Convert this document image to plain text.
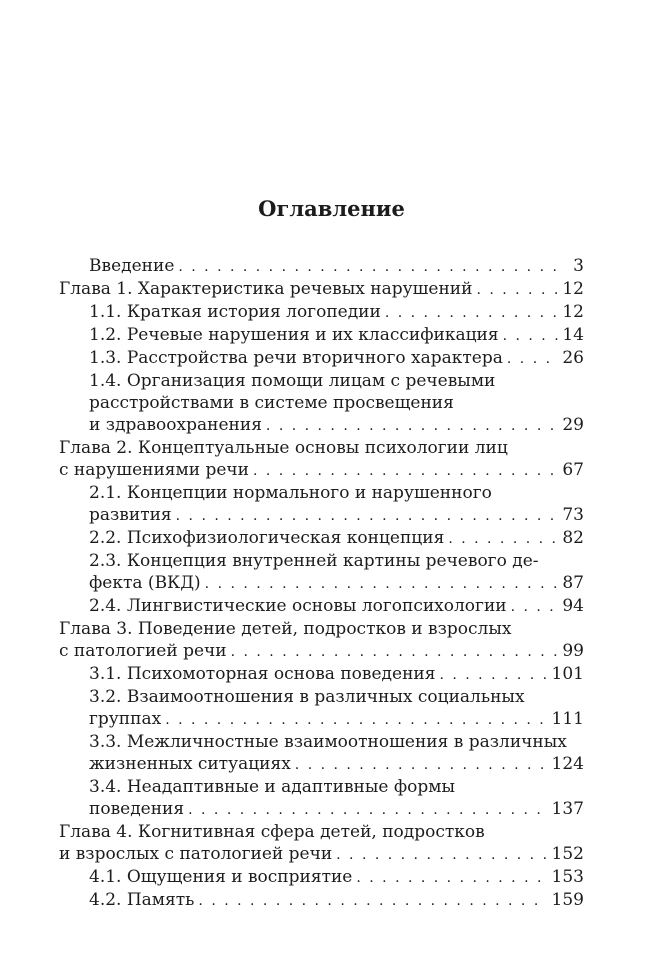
Оглавление
Введение . . .	3
Глава 1. Характеристика речевых нарушений . . .	12
1.1. Краткая история логопедии . . .	12
1.2. Речевые нарушения и их классификация . . .	14
1.3. Расстройства речи вторичного характера . . .	26
1.4. Организация помощи лицам с речевыми
расстройствами в системе просвещения
и здравоохранения . . .	29
Глава 2. Концептуальные основы психологии лиц
с нарушениями речи . . .	67
2.1. Концепции нормального и нарушенного
развития . . .	73
2.2. Психофизиологическая концепция . . .	82
2.3. Концепция внутренней картины речевого де-
фекта (ВКД) . . .	87
2.4. Лингвистические основы логопсихологии . . .	94
Глава 3. Поведение детей, подростков и взрослых
с патологией речи . . .	99
3.1. Психомоторная основа поведения . . .	101
3.2. Взаимоотношения в различных социальных
группах . . .	111
3.3. Межличностные взаимоотношения в различных
жизненных ситуациях . . .	124
3.4. Неадаптивные и адаптивные формы
поведения . . .	137
Глава 4. Когнитивная сфера детей, подростков
и взрослых с патологией речи . . .	152
4.1. Ощущения и восприятие . . .	153
4.2. Память . . .	159
